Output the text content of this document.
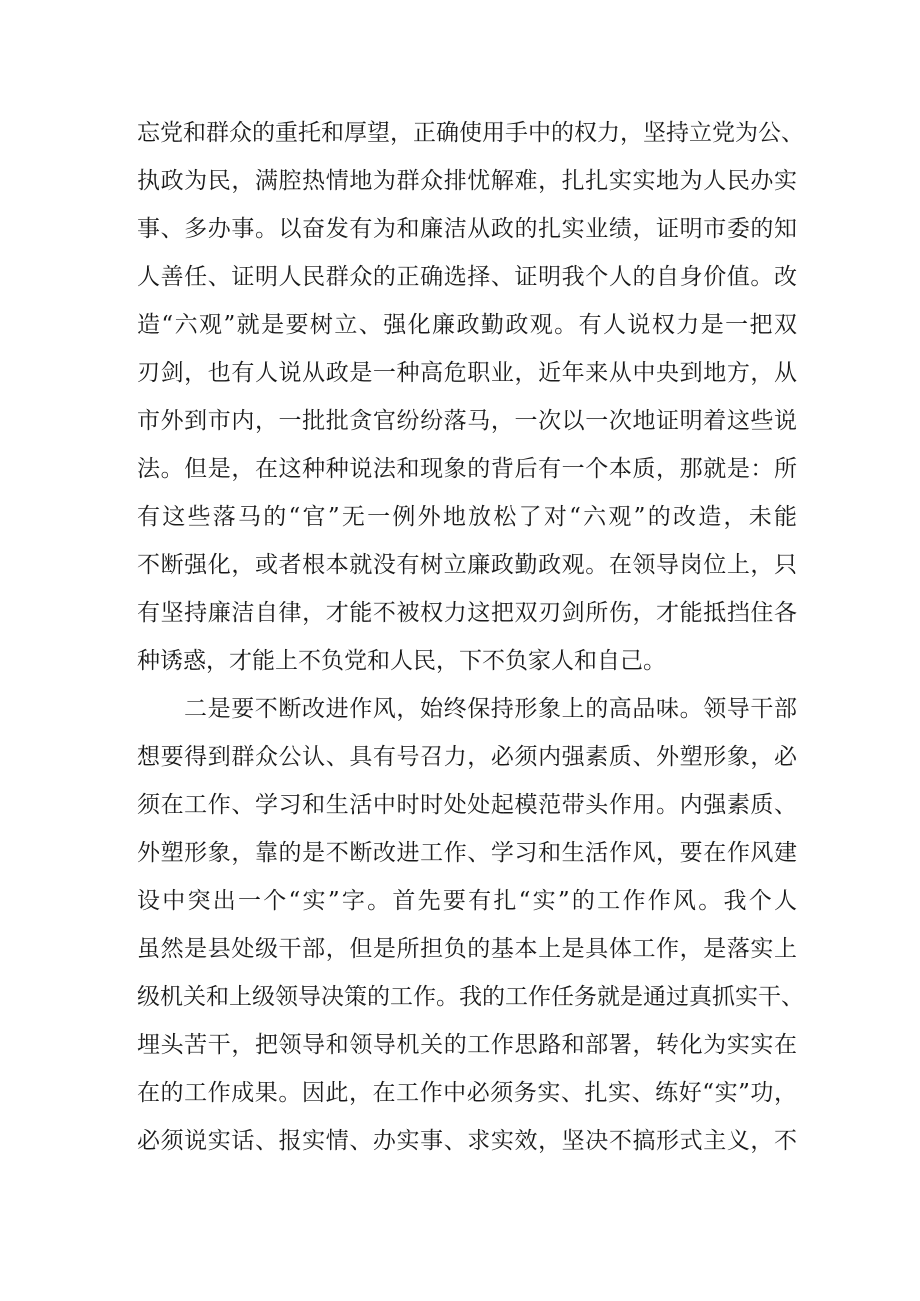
忘党和群众的重托和厚望，正确使用手中的权力，坚持立党为公、
执政为民，满腔热情地为群众排忧解难，扎扎实实地为人民办实
事、多办事。以奋发有为和廉洁从政的扎实业绩，证明市委的知
人善任、证明人民群众的正确选择、证明我个人的自身价值。改
造“六观”就是要树立、强化廉政勤政观。有人说权力是一把双
刃剑，也有人说从政是一种高危职业，近年来从中央到地方，从
市外到市内，一批批贪官纷纷落马，一次以一次地证明着这些说
法。但是，在这种种说法和现象的背后有一个本质，那就是：所
有这些落马的“官”无一例外地放松了对“六观”的改造，未能
不断强化，或者根本就没有树立廉政勤政观。在领导岗位上，只
有坚持廉洁自律，才能不被权力这把双刃剑所伤，才能抵挡住各
种诱惑，才能上不负党和人民，下不负家人和自己。
二是要不断改进作风，始终保持形象上的高品味。领导干部
想要得到群众公认、具有号召力，必须内强素质、外塑形象，必
须在工作、学习和生活中时时处处起模范带头作用。内强素质、
外塑形象，靠的是不断改进工作、学习和生活作风，要在作风建
设中突出一个“实”字。首先要有扎“实”的工作作风。我个人
虽然是县处级干部，但是所担负的基本上是具体工作，是落实上
级机关和上级领导决策的工作。我的工作任务就是通过真抓实干、
埋头苦干，把领导和领导机关的工作思路和部署，转化为实实在
在的工作成果。因此，在工作中必须务实、扎实、练好“实”功，
必须说实话、报实情、办实事、求实效，坚决不搞形式主义，不
